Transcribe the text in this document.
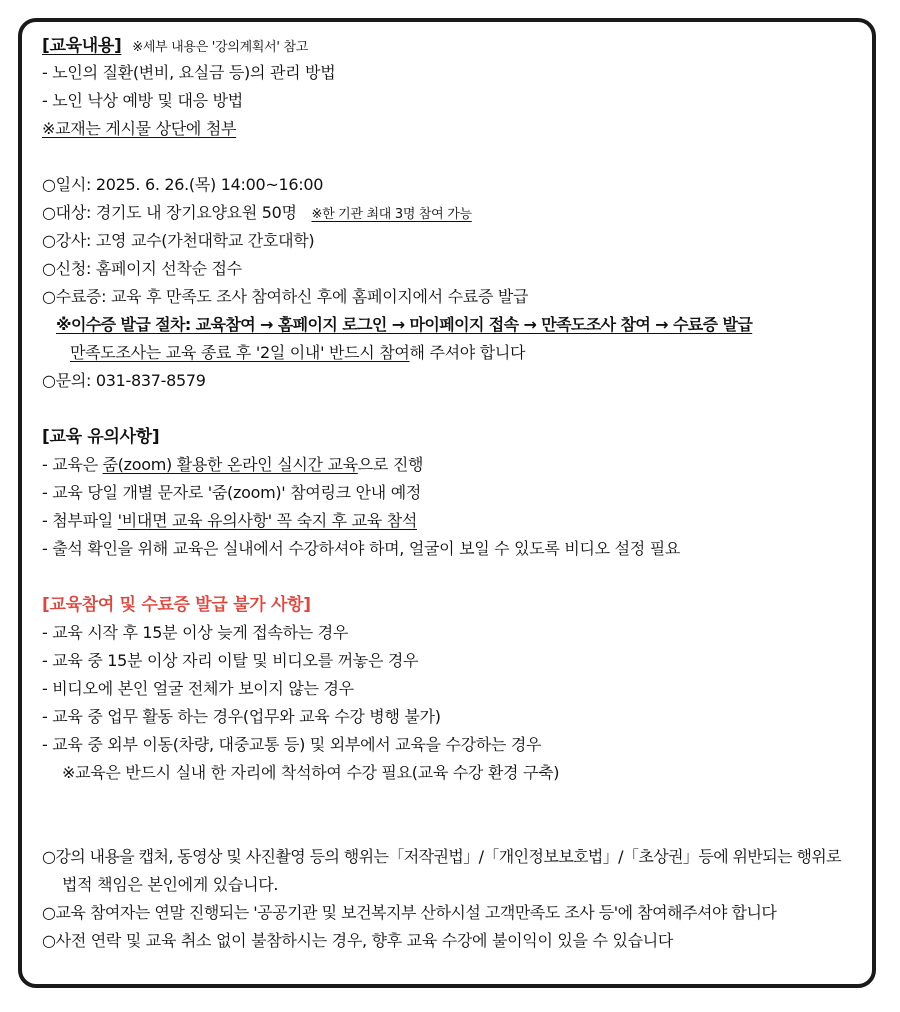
[교육내용] ※세부 내용은 '강의계획서' 참고
- 노인의 질환(변비, 요실금 등)의 관리 방법
- 노인 낙상 예방 및 대응 방법
※교재는 게시물 상단에 첨부
○일시: 2025. 6. 26.(목) 14:00~16:00
○대상: 경기도 내 장기요양요원 50명 ※한 기관 최대 3명 참여 가능
○강사: 고영 교수(가천대학교 간호대학)
○신청: 홈페이지 선착순 접수
○수료증: 교육 후 만족도 조사 참여하신 후에 홈페이지에서 수료증 발급
※이수증 발급 절차: 교육참여 → 홈페이지 로그인 → 마이페이지 접속 → 만족도조사 참여 → 수료증 발급
만족도조사는 교육 종료 후 '2일 이내' 반드시 참여해 주셔야 합니다
○문의: 031-837-8579
[교육 유의사항]
- 교육은 줌(zoom) 활용한 온라인 실시간 교육으로 진행
- 교육 당일 개별 문자로 '줌(zoom)' 참여링크 안내 예정
- 첨부파일 '비대면 교육 유의사항' 꼭 숙지 후 교육 참석
- 출석 확인을 위해 교육은 실내에서 수강하셔야 하며, 얼굴이 보일 수 있도록 비디오 설정 필요
[교육참여 및 수료증 발급 불가 사항]
- 교육 시작 후 15분 이상 늦게 접속하는 경우
- 교육 중 15분 이상 자리 이탈 및 비디오를 꺼놓은 경우
- 비디오에 본인 얼굴 전체가 보이지 않는 경우
- 교육 중 업무 활동 하는 경우(업무와 교육 수강 병행 불가)
- 교육 중 외부 이동(차량, 대중교통 등) 및 외부에서 교육을 수강하는 경우
※교육은 반드시 실내 한 자리에 착석하여 수강 필요(교육 수강 환경 구축)
○강의 내용을 캡처, 동영상 및 사진촬영 등의 행위는「저작권법」/「개인정보보호법」/「초상권」등에 위반되는 행위로
법적 책임은 본인에게 있습니다.
○교육 참여자는 연말 진행되는 '공공기관 및 보건복지부 산하시설 고객만족도 조사 등'에 참여해주셔야 합니다
○사전 연락 및 교육 취소 없이 불참하시는 경우, 향후 교육 수강에 불이익이 있을 수 있습니다
